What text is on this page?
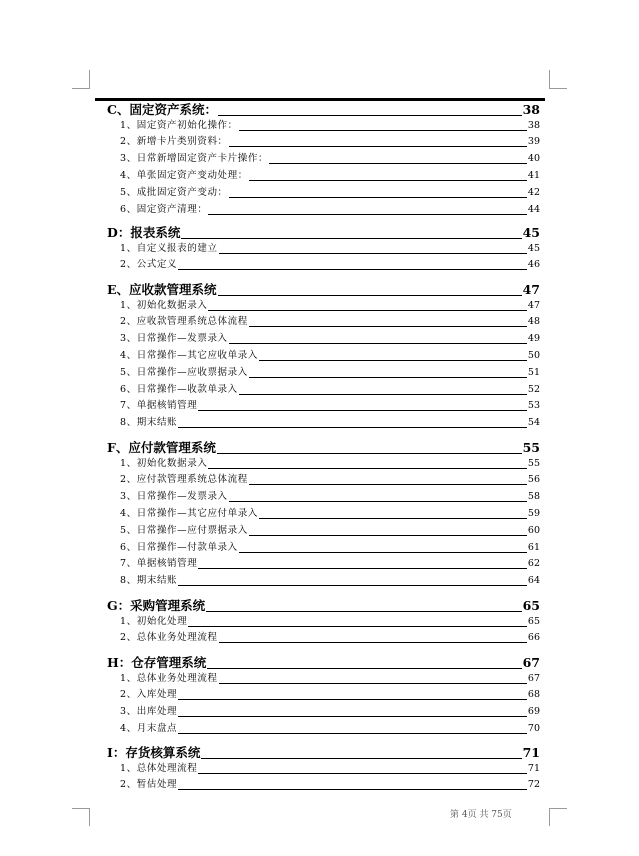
C、固定资产系统：	38
1、固定资产初始化操作：	38
2、新增卡片类别资料：	39
3、日常新增固定资产卡片操作：	40
4、单张固定资产变动处理：	41
5、成批固定资产变动：	42
6、固定资产清理：	44
D：报表系统	45
1、自定义报表的建立	45
2、公式定义	46
E、应收款管理系统	47
1、初始化数据录入	47
2、应收款管理系统总体流程	48
3、日常操作—发票录入	49
4、日常操作—其它应收单录入	50
5、日常操作—应收票据录入	51
6、日常操作—收款单录入	52
7、单据核销管理	53
8、期末结账	54
F、应付款管理系统	55
1、初始化数据录入	55
2、应付款管理系统总体流程	56
3、日常操作—发票录入	58
4、日常操作—其它应付单录入	59
5、日常操作—应付票据录入	60
6、日常操作—付款单录入	61
7、单据核销管理	62
8、期末结账	64
G：采购管理系统	65
1、初始化处理	65
2、总体业务处理流程	66
H：仓存管理系统	67
1、总体业务处理流程	67
2、入库处理	68
3、出库处理	69
4、月末盘点	70
I：存货核算系统	71
1、总体处理流程	71
2、暂估处理	72
第 4页 共 75页
